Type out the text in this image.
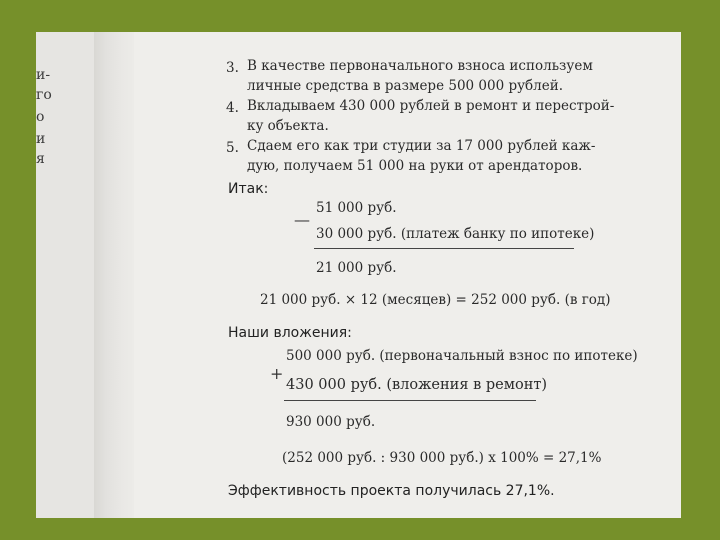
и-
го
о
и
я
3. В качестве первоначального взноса используем
личные средства в размере 500 000 рублей.
4. Вкладываем 430 000 рублей в ремонт и перестрой-
ку объекта.
5. Сдаем его как три студии за 17 000 рублей каж-
дую, получаем 51 000 на руки от арендаторов.
Итак:
—
51 000 руб.
30 000 руб. (платеж банку по ипотеке)
21 000 руб.
21 000 руб. × 12 (месяцев) = 252 000 руб. (в год)
Наши вложения:
+
500 000 руб. (первоначальный взнос по ипотеке)
430 000 руб. (вложения в ремонт)
930 000 руб.
(252 000 руб. : 930 000 руб.) х 100% = 27,1%
Эффективность проекта получилась 27,1%.
